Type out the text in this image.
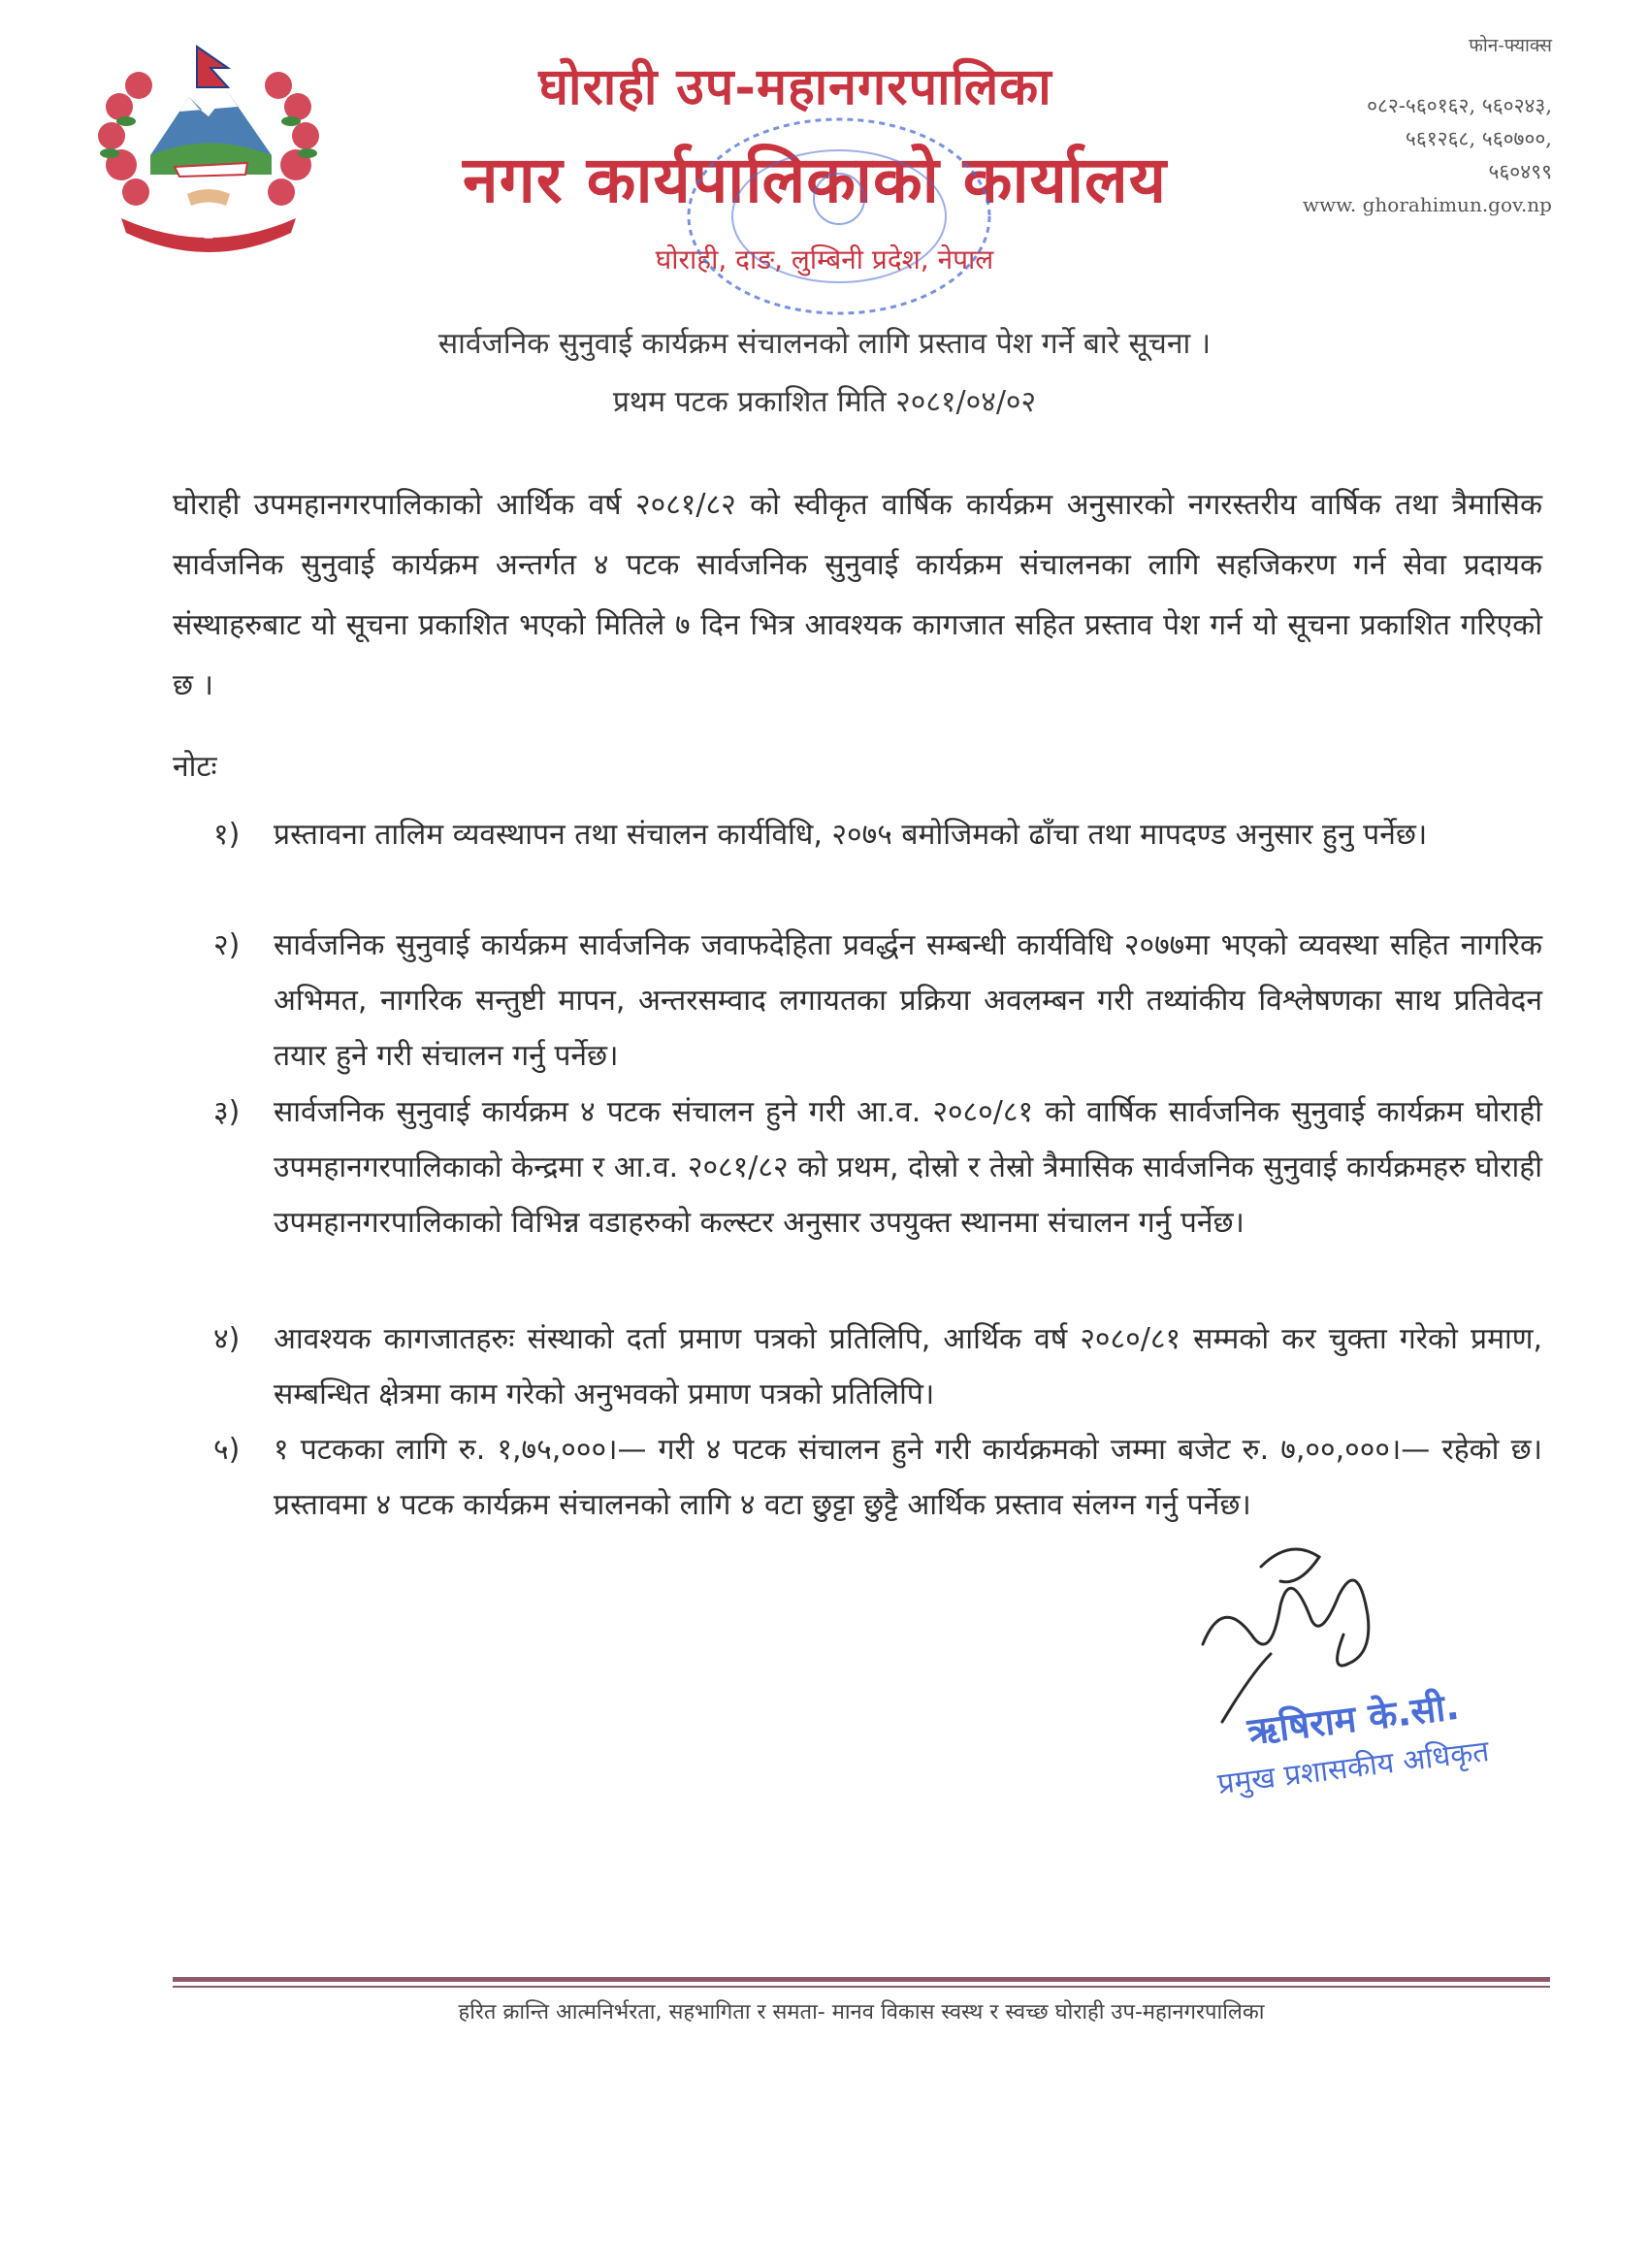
—
घोराही उप-महानगरपालिका
नगर कार्यपालिकाको कार्यालय
घोराही, दाङ, लुम्बिनी प्रदेश, नेपाल
फोन-फ्याक्स
०८२-५६०१६२, ५६०२४३,
५६१२६८, ५६०७००,
५६०४९९
www. ghorahimun.gov.np
सार्वजनिक सुनुवाई कार्यक्रम संचालनको लागि प्रस्ताव पेश गर्ने बारे सूचना ।
प्रथम पटक प्रकाशित मिति २०८१/०४/०२
घोराही उपमहानगरपालिकाको आर्थिक वर्ष २०८१/८२ को स्वीकृत वार्षिक कार्यक्रम अनुसारको नगरस्तरीय वार्षिक तथा त्रैमासिक सार्वजनिक सुनुवाई कार्यक्रम अन्तर्गत ४ पटक सार्वजनिक सुनुवाई कार्यक्रम संचालनका लागि सहजिकरण गर्न सेवा प्रदायक संस्थाहरुबाट यो सूचना प्रकाशित भएको मितिले ७ दिन भित्र आवश्यक कागजात सहित प्रस्ताव पेश गर्न यो सूचना प्रकाशित गरिएको छ ।
नोटः
१)	प्रस्तावना तालिम व्यवस्थापन तथा संचालन कार्यविधि, २०७५ बमोजिमको ढाँचा तथा मापदण्ड अनुसार हुनु पर्नेछ।
२)	सार्वजनिक सुनुवाई कार्यक्रम सार्वजनिक जवाफदेहिता प्रवर्द्धन सम्बन्धी कार्यविधि २०७७मा भएको व्यवस्था सहित नागरिक अभिमत, नागरिक सन्तुष्टी मापन, अन्तरसम्वाद लगायतका प्रक्रिया अवलम्बन गरी तथ्यांकीय विश्लेषणका साथ प्रतिवेदन तयार हुने गरी संचालन गर्नु पर्नेछ।
३)	सार्वजनिक सुनुवाई कार्यक्रम ४ पटक संचालन हुने गरी आ.व. २०८०/८१ को वार्षिक सार्वजनिक सुनुवाई कार्यक्रम घोराही उपमहानगरपालिकाको केन्द्रमा र आ.व. २०८१/८२ को प्रथम, दोस्रो र तेस्रो त्रैमासिक सार्वजनिक सुनुवाई कार्यक्रमहरु घोराही उपमहानगरपालिकाको विभिन्न वडाहरुको कल्स्टर अनुसार उपयुक्त स्थानमा संचालन गर्नु पर्नेछ।
४)	आवश्यक कागजातहरुः संस्थाको दर्ता प्रमाण पत्रको प्रतिलिपि, आर्थिक वर्ष २०८०/८१ सम्मको कर चुक्ता गरेको प्रमाण, सम्बन्धित क्षेत्रमा काम गरेको अनुभवको प्रमाण पत्रको प्रतिलिपि।
५)	१ पटकका लागि रु. १,७५,०००।— गरी ४ पटक संचालन हुने गरी कार्यक्रमको जम्मा बजेट रु. ७,००,०००।— रहेको छ।प्रस्तावमा ४ पटक कार्यक्रम संचालनको लागि ४ वटा छुट्टा छुट्टै आर्थिक प्रस्ताव संलग्न गर्नु पर्नेछ।
ऋषिराम के.सी.
प्रमुख प्रशासकीय अधिकृत
हरित क्रान्ति आत्मनिर्भरता, सहभागिता र समता- मानव विकास स्वस्थ र स्वच्छ घोराही उप-महानगरपालिका
